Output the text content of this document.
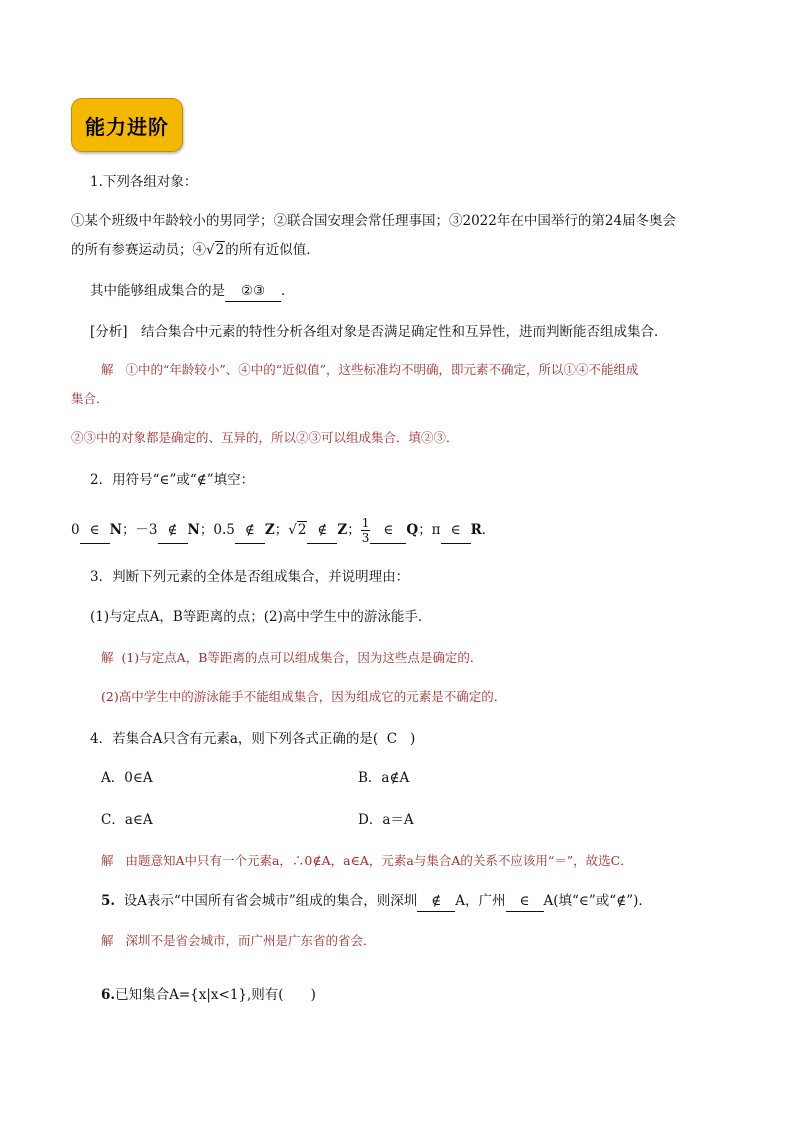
能力进阶
1.下列各组对象：
①某个班级中年龄较小的男同学；②联合国安理会常任理事国；③2022年在中国举行的第24届冬奥会
的所有参赛运动员；④√2的所有近似值．
其中能够组成集合的是 ②③ ．
[分析]　结合集合中元素的特性分析各组对象是否满足确定性和互异性，进而判断能否组成集合．
解 ①中的“年龄较小”、④中的“近似值”，这些标准均不明确，即元素不确定，所以①④不能组成
集合．
②③中的对象都是确定的、互异的，所以②③可以组成集合．填②③．
2．用符号“∈”或“∉”填空：
0 ∈ N；－3 ∉ N；0.5 ∉ Z；√2 ∉ Z； $\frac{1}{3}$ ∈ Q；π ∈ R．
3．判断下列元素的全体是否组成集合，并说明理由：
(1)与定点A，B等距离的点；(2)高中学生中的游泳能手．
解 (1)与定点A，B等距离的点可以组成集合，因为这些点是确定的．
(2)高中学生中的游泳能手不能组成集合，因为组成它的元素是不确定的．
4．若集合A只含有元素a，则下列各式正确的是( C )
A．0∈A	B．a∉A
C．a∈A	D．a＝A
解 由题意知A中只有一个元素a，∴0∉A，a∈A，元素a与集合A的关系不应该用“＝”，故选C．
5. 设A表示“中国所有省会城市”组成的集合，则深圳 ∉ A，广州 ∈ A(填“∈”或“∉”)．
解 深圳不是省会城市，而广州是广东省的省会．
6.已知集合A={x|x<1},则有(　　)
